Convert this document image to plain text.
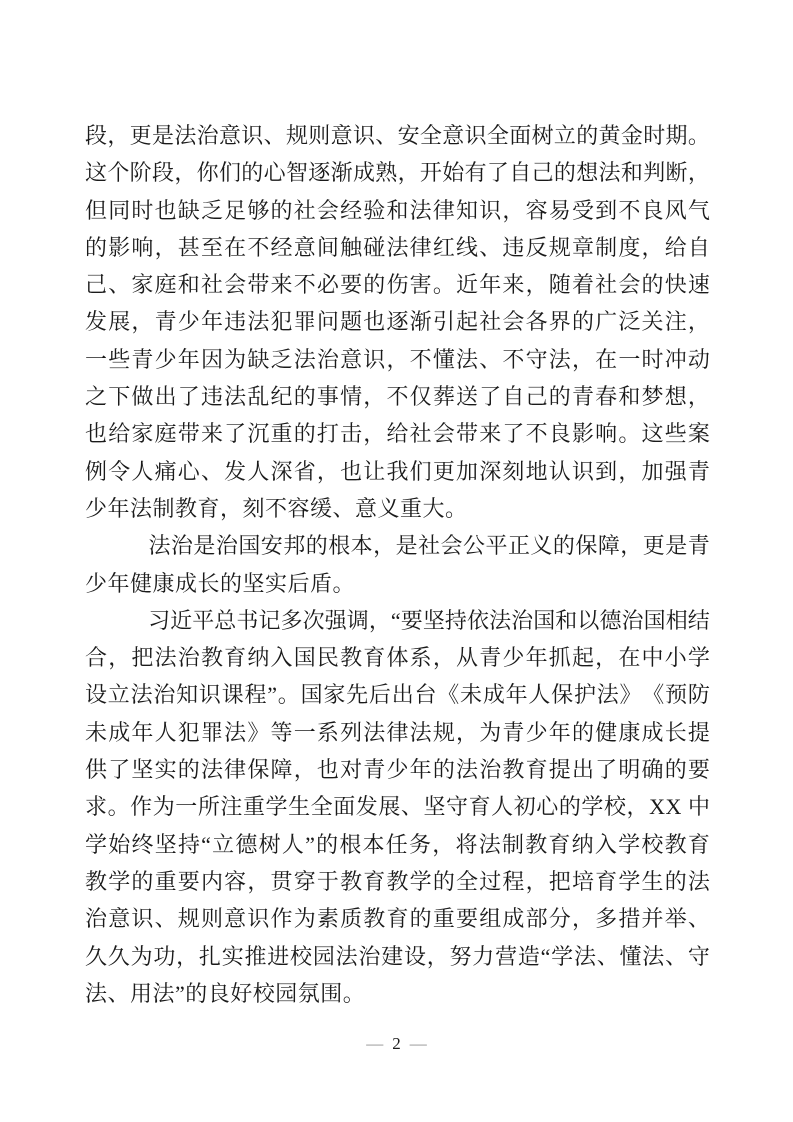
段 ， 更 是 法 治 意 识 、 规 则 意 识 、 安 全 意 识 全 面 树 立 的 黄 金 时 期 。
这 个 阶 段 ， 你 们 的 心 智 逐 渐 成 熟 ， 开 始 有 了 自 己 的 想 法 和 判 断 ，
但 同 时 也 缺 乏 足 够 的 社 会 经 验 和 法 律 知 识 ， 容 易 受 到 不 良 风 气
的 影 响 ， 甚 至 在 不 经 意 间 触 碰 法 律 红 线 、 违 反 规 章 制 度 ， 给 自
己 、 家 庭 和 社 会 带 来 不 必 要 的 伤 害 。 近 年 来 ， 随 着 社 会 的 快 速
发 展 ， 青 少 年 违 法 犯 罪 问 题 也 逐 渐 引 起 社 会 各 界 的 广 泛 关 注 ，
一 些 青 少 年 因 为 缺 乏 法 治 意 识 ， 不 懂 法 、 不 守 法 ， 在 一 时 冲 动
之 下 做 出 了 违 法 乱 纪 的 事 情 ， 不 仅 葬 送 了 自 己 的 青 春 和 梦 想 ，
也 给 家 庭 带 来 了 沉 重 的 打 击 ， 给 社 会 带 来 了 不 良 影 响 。 这 些 案
例 令 人 痛 心 、 发 人 深 省 ， 也 让 我 们 更 加 深 刻 地 认 识 到 ， 加 强 青
少年法制教育，刻不容缓、意义重大。
法 治 是 治 国 安 邦 的 根 本 ， 是 社 会 公 平 正 义 的 保 障 ， 更 是 青
少年健康成长的坚实后盾。
习 近 平 总 书 记 多 次 强 调 ， “ 要 坚 持 依 法 治 国 和 以 德 治 国 相 结
合 ， 把 法 治 教 育 纳 入 国 民 教 育 体 系 ， 从 青 少 年 抓 起 ， 在 中 小 学
设 立 法 治 知 识 课 程 ” 。 国 家 先 后 出 台 《 未 成 年 人 保 护 法 》 《 预 防
未 成 年 人 犯 罪 法 》 等 一 系 列 法 律 法 规 ， 为 青 少 年 的 健 康 成 长 提
供 了 坚 实 的 法 律 保 障 ， 也 对 青 少 年 的 法 治 教 育 提 出 了 明 确 的 要
求 。 作 为 一 所 注 重 学 生 全 面 发 展 、 坚 守 育 人 初 心 的 学 校 ， X X
中
学 始 终 坚 持 “ 立 德 树 人 ” 的 根 本 任 务 ， 将 法 制 教 育 纳 入 学 校 教 育
教 学 的 重 要 内 容 ， 贯 穿 于 教 育 教 学 的 全 过 程 ， 把 培 育 学 生 的 法
治 意 识 、 规 则 意 识 作 为 素 质 教 育 的 重 要 组 成 部 分 ， 多 措 并 举 、
久 久 为 功 ， 扎 实 推 进 校 园 法 治 建 设 ， 努 力 营 造 “ 学 法 、 懂 法 、 守
法、用法”的良好校园氛围。
— 2 —
